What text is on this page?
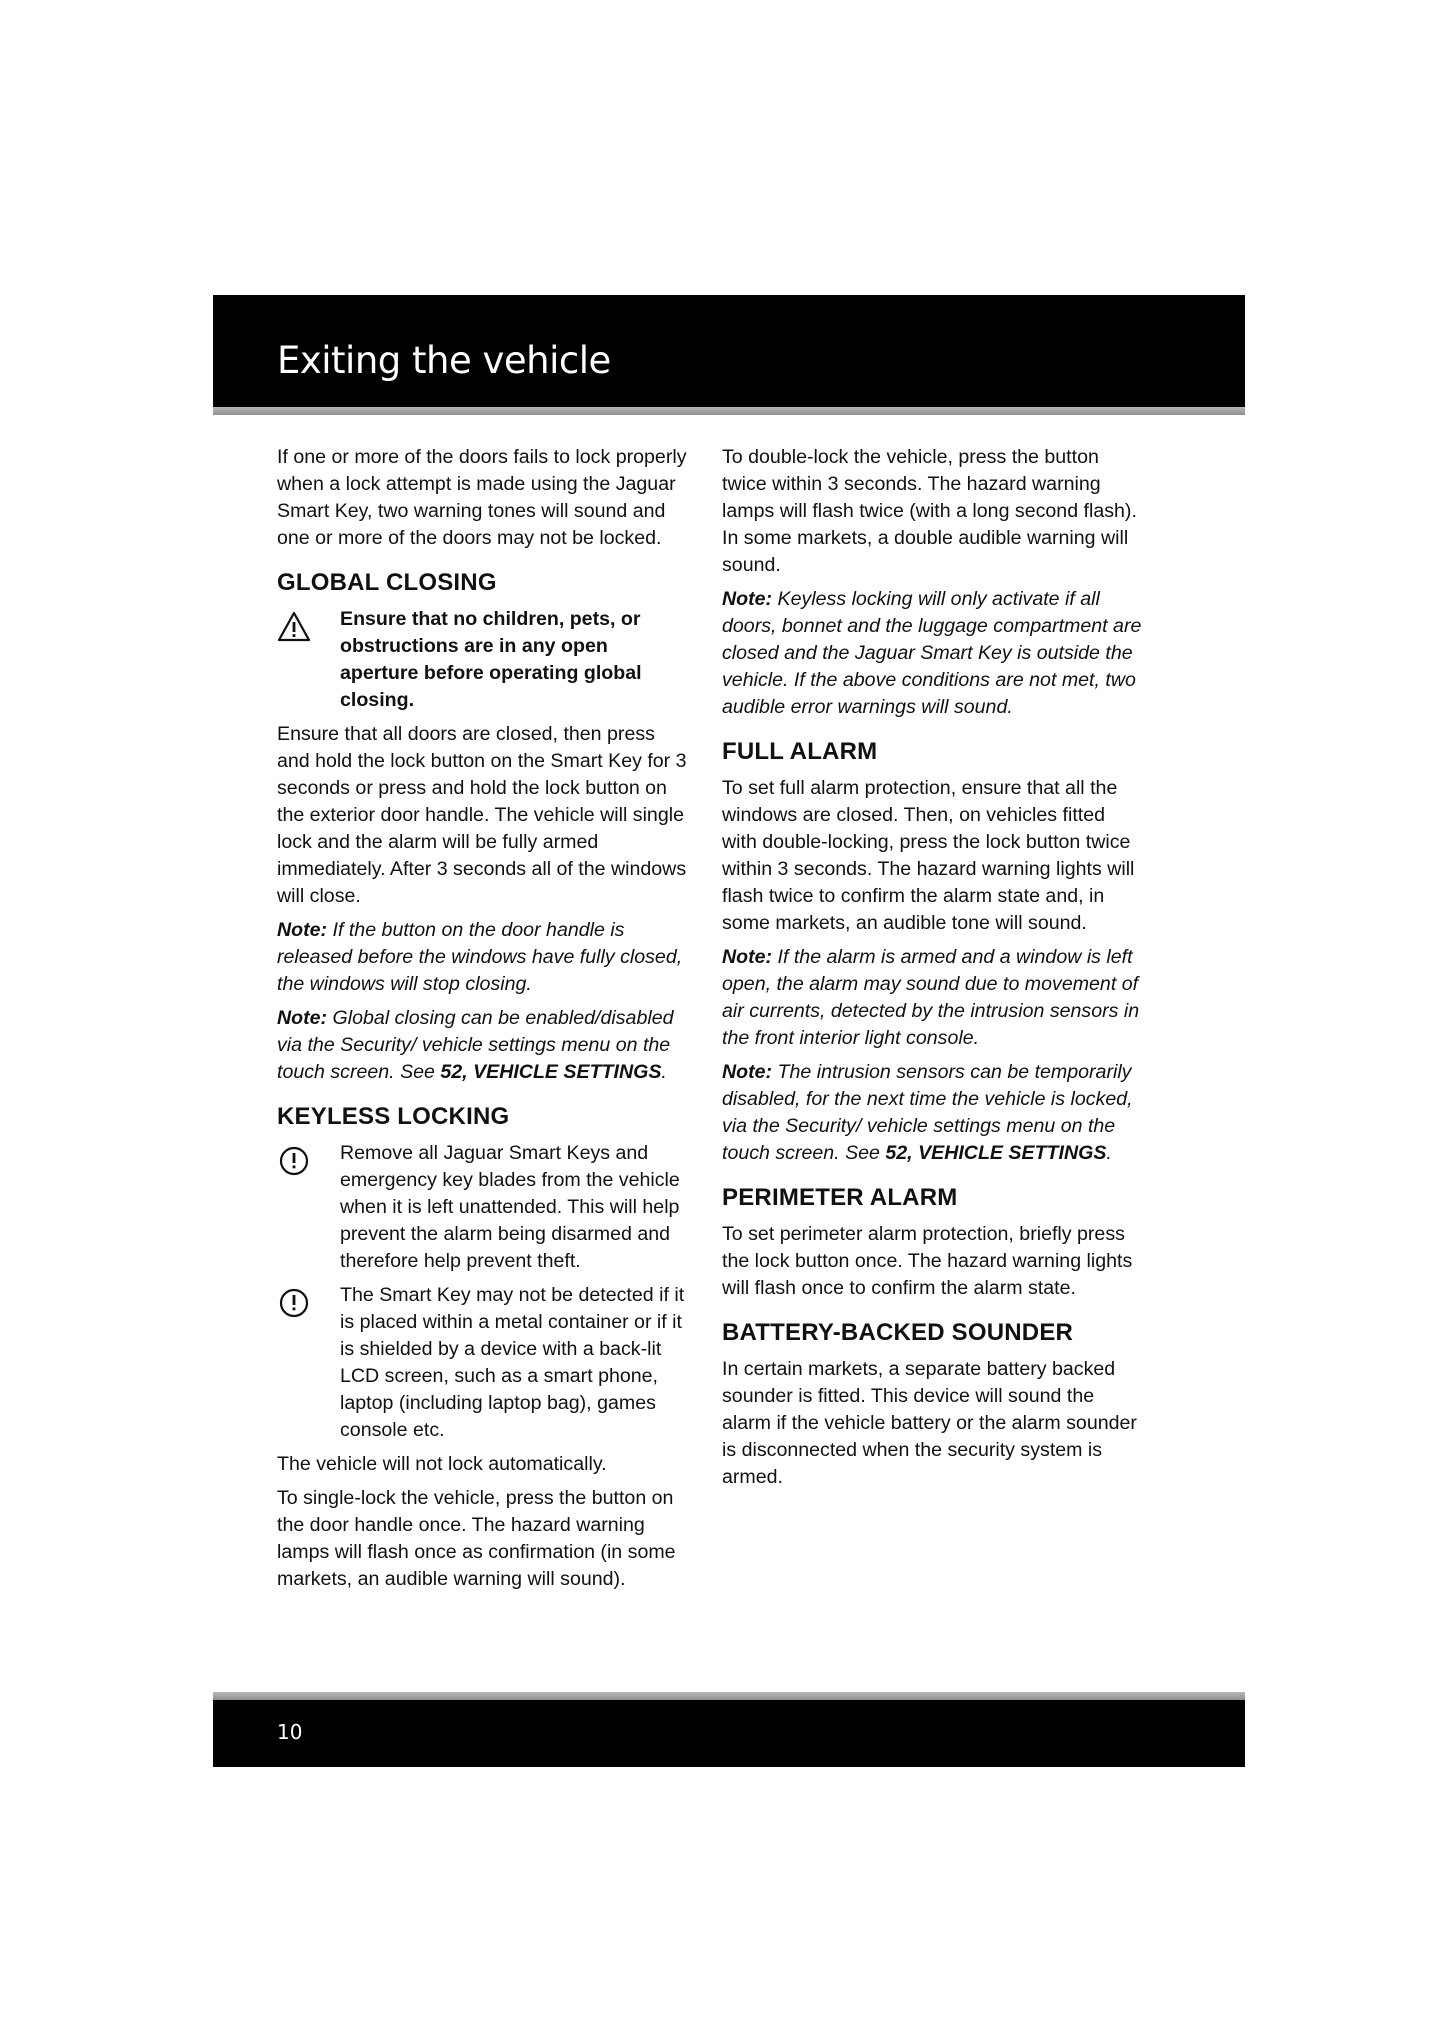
Exiting the vehicle

If one or more of the doors fails to lock properly when a lock attempt is made using the Jaguar Smart Key, two warning tones will sound and one or more of the doors may not be locked.

GLOBAL CLOSING
Ensure that no children, pets, or obstructions are in any open aperture before operating global closing.

Ensure that all doors are closed, then press and hold the lock button on the Smart Key for 3 seconds or press and hold the lock button on the exterior door handle. The vehicle will single lock and the alarm will be fully armed immediately. After 3 seconds all of the windows will close.

Note: If the button on the door handle is released before the windows have fully closed, the windows will stop closing.

Note: Global closing can be enabled/disabled via the Security/ vehicle settings menu on the touch screen. See 52, VEHICLE SETTINGS.

KEYLESS LOCKING
Remove all Jaguar Smart Keys and emergency key blades from the vehicle when it is left unattended. This will help prevent the alarm being disarmed and therefore help prevent theft.
The Smart Key may not be detected if it is placed within a metal container or if it is shielded by a device with a back-lit LCD screen, such as a smart phone, laptop (including laptop bag), games console etc.

The vehicle will not lock automatically.

To single-lock the vehicle, press the button on the door handle once. The hazard warning lamps will flash once as confirmation (in some markets, an audible warning will sound).

To double-lock the vehicle, press the button twice within 3 seconds. The hazard warning lamps will flash twice (with a long second flash). In some markets, a double audible warning will sound.

Note: Keyless locking will only activate if all doors, bonnet and the luggage compartment are closed and the Jaguar Smart Key is outside the vehicle. If the above conditions are not met, two audible error warnings will sound.

FULL ALARM

To set full alarm protection, ensure that all the windows are closed. Then, on vehicles fitted with double-locking, press the lock button twice within 3 seconds. The hazard warning lights will flash twice to confirm the alarm state and, in some markets, an audible tone will sound.

Note: If the alarm is armed and a window is left open, the alarm may sound due to movement of air currents, detected by the intrusion sensors in the front interior light console.

Note: The intrusion sensors can be temporarily disabled, for the next time the vehicle is locked, via the Security/ vehicle settings menu on the touch screen. See 52, VEHICLE SETTINGS.

PERIMETER ALARM

To set perimeter alarm protection, briefly press the lock button once. The hazard warning lights will flash once to confirm the alarm state.

BATTERY-BACKED SOUNDER

In certain markets, a separate battery backed sounder is fitted. This device will sound the alarm if the vehicle battery or the alarm sounder is disconnected when the security system is armed.

10
